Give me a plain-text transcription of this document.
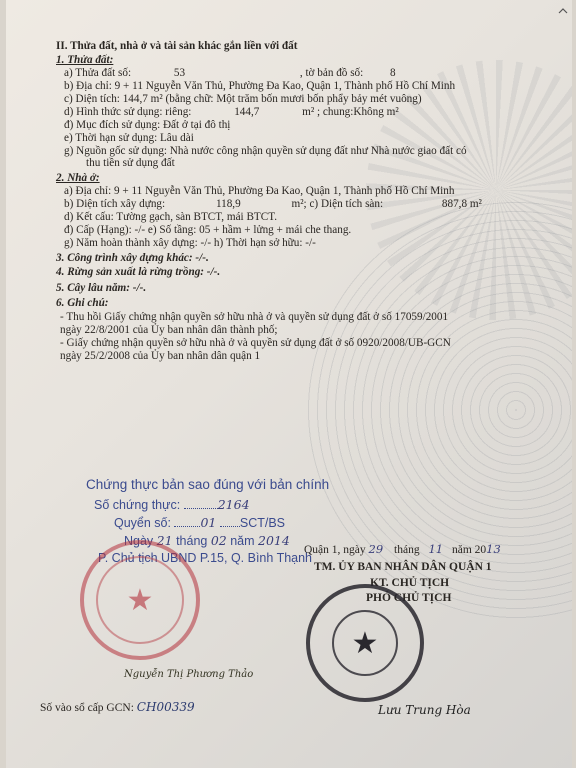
II. Thửa đất, nhà ở và tài sản khác gắn liền với đất
1. Thửa đất:
a) Thửa đất số:	53	, tờ bản đồ số: 8
b) Địa chỉ: 9 + 11 Nguyễn Văn Thủ, Phường Đa Kao, Quận 1, Thành phố Hồ Chí Minh
c) Diện tích: 144,7 m² (bằng chữ: Một trăm bốn mươi bốn phẩy bảy mét vuông)
d) Hình thức sử dụng: riêng:	144,7	m² ; chung:Không m²
đ) Mục đích sử dụng: Đất ở tại đô thị
e) Thời hạn sử dụng: Lâu dài
g) Nguồn gốc sử dụng: Nhà nước công nhận quyền sử dụng đất như Nhà nước giao đất có
thu tiền sử dụng đất
2. Nhà ở:
a) Địa chỉ: 9 + 11 Nguyễn Văn Thủ, Phường Đa Kao, Quận 1, Thành phố Hồ Chí Minh
b) Diện tích xây dựng:	118,9	m²; c) Diện tích sàn:	887,8 m²
d) Kết cấu: Tường gạch, sàn BTCT, mái BTCT.
đ) Cấp (Hạng): -/- e) Số tầng: 05 + hầm + lửng + mái che thang.
g) Năm hoàn thành xây dựng: -/- h) Thời hạn sở hữu: -/-
3. Công trình xây dựng khác: -/-.
4. Rừng sản xuất là rừng trồng: -/-.
5. Cây lâu năm: -/-.
6. Ghi chú:
- Thu hồi Giấy chứng nhận quyền sở hữu nhà ở và quyền sử dụng đất ở số 17059/2001
ngày 22/8/2001 của Ủy ban nhân dân thành phố;
- Giấy chứng nhận quyền sở hữu nhà ở và quyền sử dụng đất ở số 0920/2008/UB-GCN
ngày 25/2/2008 của Ủy ban nhân dân quận 1
Chứng thực bản sao đúng với bản chính
Số chứng thực:	2164
Quyển số: 01 SCT/BS
Ngày 21 tháng 02 năm 2014
P. Chủ tịch UBND P.15, Q. Bình Thạnh
★
Nguyễn Thị Phương Thảo
Quận 1, ngày 29 tháng 11 năm 2013
TM. ỦY BAN NHÂN DÂN QUẬN 1
KT. CHỦ TỊCH
PHÓ CHỦ TỊCH
★
Lưu Trung Hòa
Số vào sổ cấp GCN: CH00339
